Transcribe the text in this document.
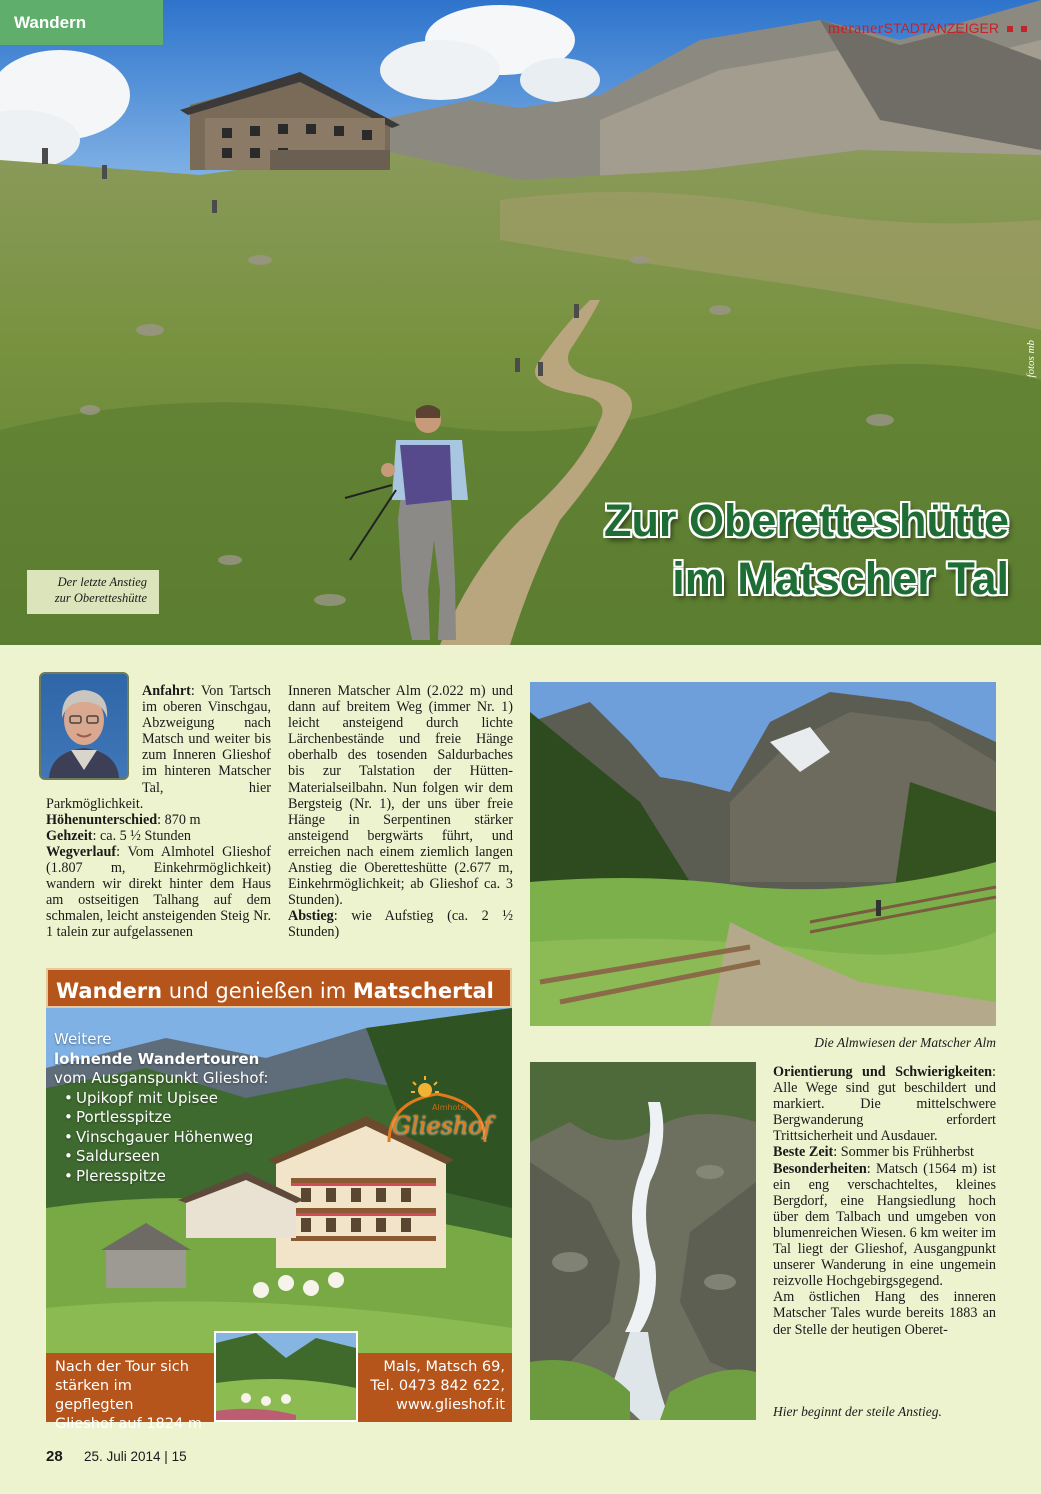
Wandern	meranerSTADTANZEIGER
fotos mb
Der letzte Anstieg
zur Oberetteshütte
Zur Oberetteshütte
im Matscher Tal

Anfahrt: Von Tartsch im oberen Vinschgau, Abzweigung nach Matsch und weiter bis zum Inneren Glieshof im hinteren Matscher Tal, hier Parkmöglichkeit.

Höhenunterschied: 870 m

Gehzeit: ca. 5 ½ Stunden

Wegverlauf: Vom Almhotel Glieshof (1.807 m, Einkehrmöglichkeit) wandern wir direkt hinter dem Haus am ostseitigen Talhang auf dem schmalen, leicht ansteigenden Steig Nr. 1 talein zur aufgelassenen

Inneren Matscher Alm (2.022 m) und dann auf breitem Weg (immer Nr. 1) leicht ansteigend durch lichte Lärchenbestände und freie Hänge oberhalb des tosenden Saldurbaches bis zur Talstation der Hütten-Materialseilbahn. Nun folgen wir dem Bergsteig (Nr. 1), der uns über freie Hänge in Serpentinen stärker ansteigend bergwärts führt, und erreichen nach einem ziemlich langen Anstieg die Oberetteshütte (2.677 m, Einkehrmöglichkeit; ab Glieshof ca. 3 Stunden).

Abstieg: wie Aufstieg (ca. 2 ½ Stunden)

Die Almwiesen der Matscher Alm
Hier beginnt der steile Anstieg.

Orientierung und Schwierigkeiten: Alle Wege sind gut beschildert und markiert. Die mittelschwere Bergwanderung erfordert Trittsicherheit und Ausdauer.

Beste Zeit: Sommer bis Frühherbst

Besonderheiten: Matsch (1564 m) ist ein eng verschachteltes, kleines Bergdorf, eine Hangsiedlung hoch über dem Talbach und umgeben von blumenreichen Wiesen. 6 km weiter im Tal liegt der Glieshof, Ausgangpunkt unserer Wanderung in eine ungemein reizvolle Hochgebirgsgegend.

Am östlichen Hang des inneren Matscher Tales wurde bereits 1883 an der Stelle der heutigen Oberet-

Wandern und genießen im Matschertal
Weitere
lohnende Wandertouren
vom Ausganspunkt Glieshof:
• Upikopf mit Upisee
• Portlesspitze
• Vinschgauer Höhenweg
• Saldurseen
• Pleresspitze
Almhotel
Glieshof
Nach der Tour sich
stärken im gepflegten
Glieshof auf 1824 m
Mals, Matsch 69,
Tel. 0473 842 622,
www.glieshof.it
28 25. Juli 2014 | 15
